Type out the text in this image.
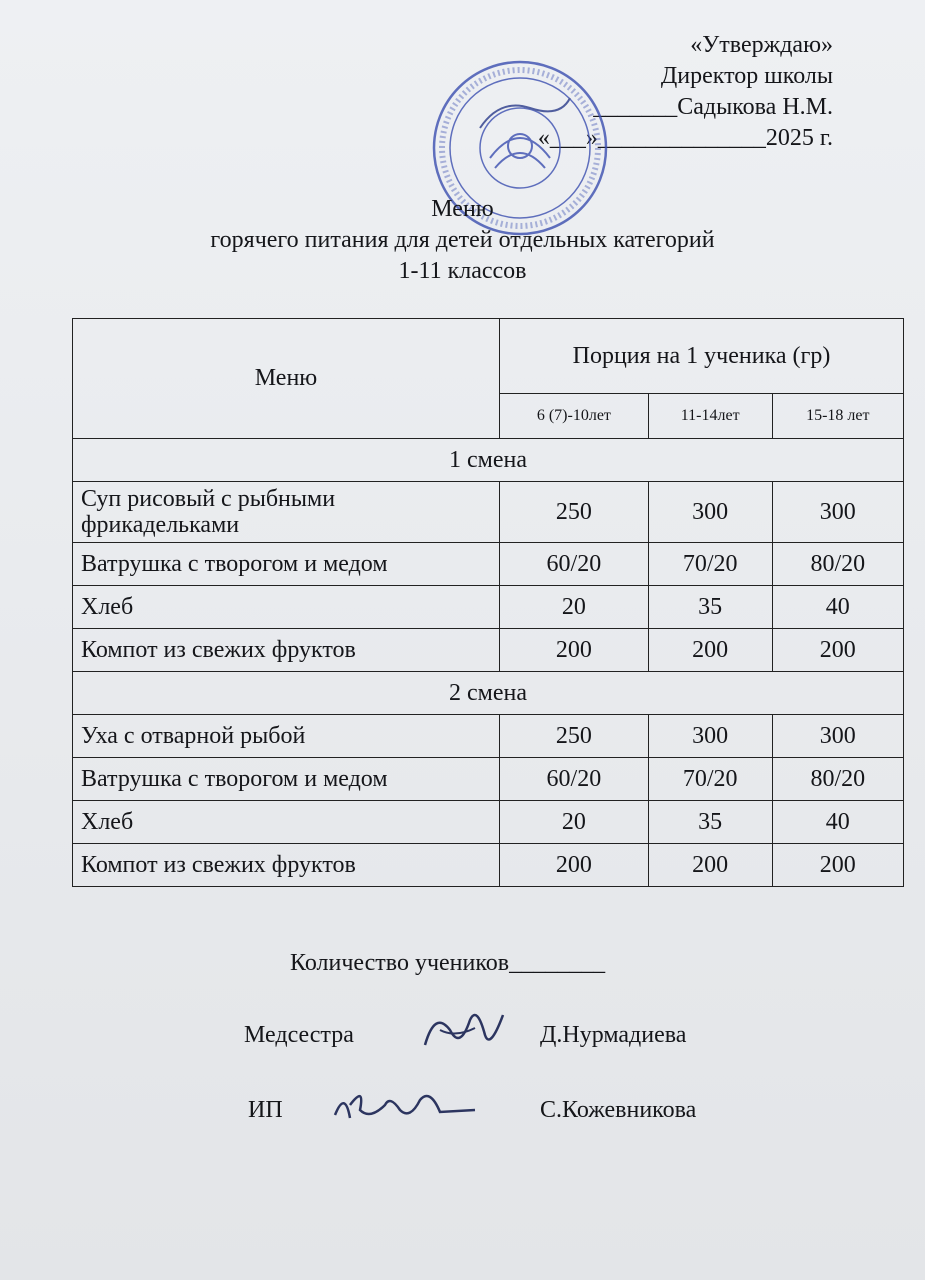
«Утверждаю»
Директор школы
_______Садыкова Н.М.
«___»______________2025 г.
Меню
горячего питания для детей отдельных категорий
1-11 классов
Меню	Порция на 1 ученика (гр)		
	6 (7)-10лет	11-14лет	15-18 лет
1 смена			
Суп рисовый с рыбными фрикадельками	250	300	300
Ватрушка с творогом и медом	60/20	70/20	80/20
Хлеб	20	35	40
Компот из свежих фруктов	200	200	200
2 смена			
Уха с отварной рыбой	250	300	300
Ватрушка с творогом и медом	60/20	70/20	80/20
Хлеб	20	35	40
Компот из свежих фруктов	200	200	200
Количество учеников________
Медсестра	Д.Нурмадиева
ИП	С.Кожевникова
